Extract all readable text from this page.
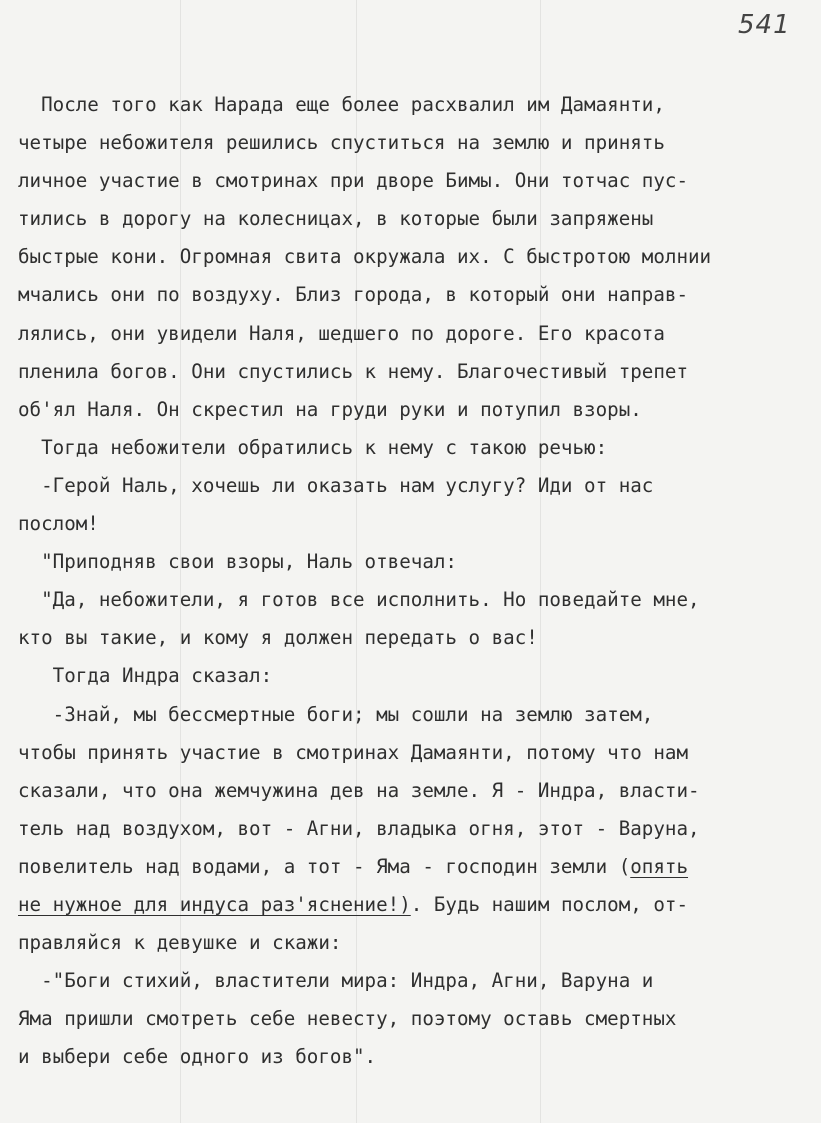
541
После того как Нарада еще более расхвалил им Дамаянти,
четыре небожителя решились спуститься на землю и принять
личное участие в смотринах при дворе Бимы. Они тотчас пус-
тились в дорогу на колесницах, в которые были запряжены
быстрые кони. Огромная свита окружала их. С быстротою молнии
мчались они по воздуху. Близ города, в который они направ-
лялись, они увидели Наля, шедшего по дороге. Его красота
пленила богов. Они спустились к нему. Благочестивый трепет
об'ял Наля. Он скрестил на груди руки и потупил взоры.
Тогда небожители обратились к нему с такою речью:
-Герой Наль, хочешь ли оказать нам услугу? Иди от нас
послом!
"Приподняв свои взоры, Наль отвечал:
"Да, небожители, я готов все исполнить. Но поведайте мне,
кто вы такие, и кому я должен передать о вас!
Тогда Индра сказал:
-Знай, мы бессмертные боги; мы сошли на землю затем,
чтобы принять участие в смотринах Дамаянти, потому что нам
сказали, что она жемчужина дев на земле. Я - Индра, власти-
тель над воздухом, вот - Агни, владыка огня, этот - Варуна,
повелитель над водами, а тот - Яма - господин земли (опять
не нужное для индуса раз'яснение!). Будь нашим послом, от-
правляйся к девушке и скажи:
-"Боги стихий, властители мира: Индра, Агни, Варуна и
Яма пришли смотреть себе невесту, поэтому оставь смертных
и выбери себе одного из богов".
